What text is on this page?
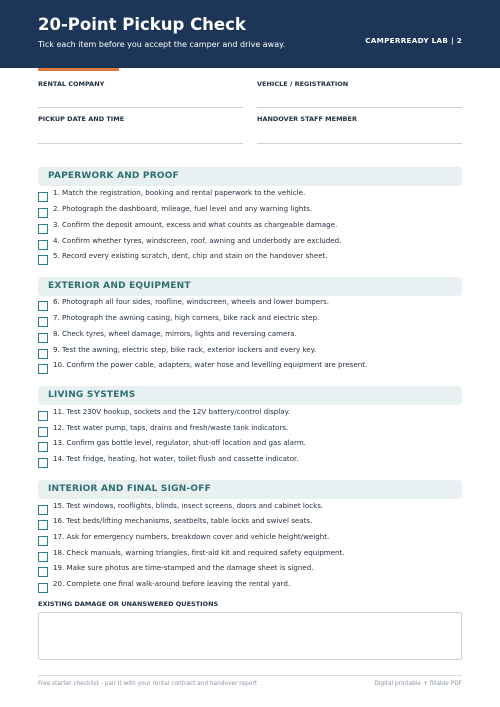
20-Point Pickup Check
Tick each item before you accept the camper and drive away.	CAMPERREADY LAB | 2
RENTAL COMPANY	VEHICLE / REGISTRATION
PICKUP DATE AND TIME	HANDOVER STAFF MEMBER
PAPERWORK AND PROOF
1. Match the registration, booking and rental paperwork to the vehicle.
2. Photograph the dashboard, mileage, fuel level and any warning lights.
3. Confirm the deposit amount, excess and what counts as chargeable damage.
4. Confirm whether tyres, windscreen, roof, awning and underbody are excluded.
5. Record every existing scratch, dent, chip and stain on the handover sheet.
EXTERIOR AND EQUIPMENT
6. Photograph all four sides, roofline, windscreen, wheels and lower bumpers.
7. Photograph the awning casing, high corners, bike rack and electric step.
8. Check tyres, wheel damage, mirrors, lights and reversing camera.
9. Test the awning, electric step, bike rack, exterior lockers and every key.
10. Confirm the power cable, adapters, water hose and levelling equipment are present.
LIVING SYSTEMS
11. Test 230V hookup, sockets and the 12V battery/control display.
12. Test water pump, taps, drains and fresh/waste tank indicators.
13. Confirm gas bottle level, regulator, shut-off location and gas alarm.
14. Test fridge, heating, hot water, toilet flush and cassette indicator.
INTERIOR AND FINAL SIGN-OFF
15. Test windows, rooflights, blinds, insect screens, doors and cabinet locks.
16. Test beds/lifting mechanisms, seatbelts, table locks and swivel seats.
17. Ask for emergency numbers, breakdown cover and vehicle height/weight.
18. Check manuals, warning triangles, first-aid kit and required safety equipment.
19. Make sure photos are time-stamped and the damage sheet is signed.
20. Complete one final walk-around before leaving the rental yard.
EXISTING DAMAGE OR UNANSWERED QUESTIONS
Free starter checklist - pair it with your rental contract and handover report	Digital printable + fillable PDF
